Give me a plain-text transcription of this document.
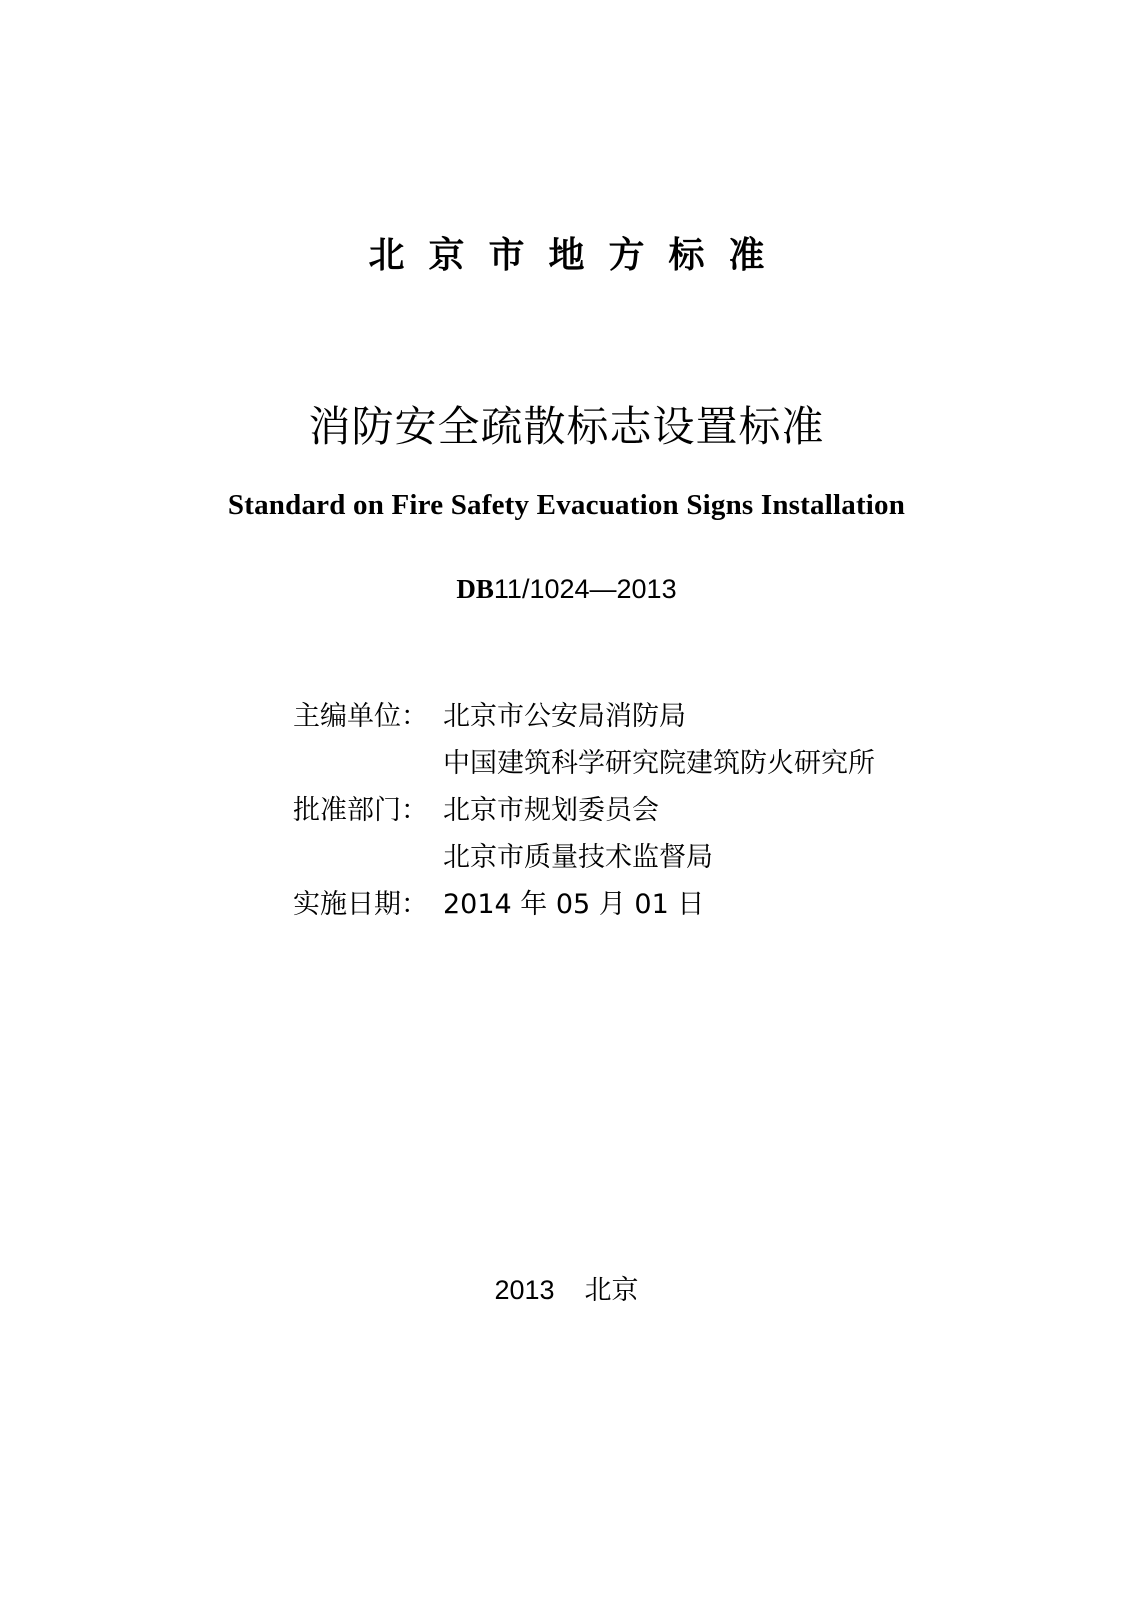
北京市地方标准
消防安全疏散标志设置标准
Standard on Fire Safety Evacuation Signs Installation
DB11/1024—2013
主编单位： 北京市公安局消防局
中国建筑科学研究院建筑防火研究所
批准部门： 北京市规划委员会
北京市质量技术监督局
实施日期： 2014 年 05 月 01 日
2013 北京
